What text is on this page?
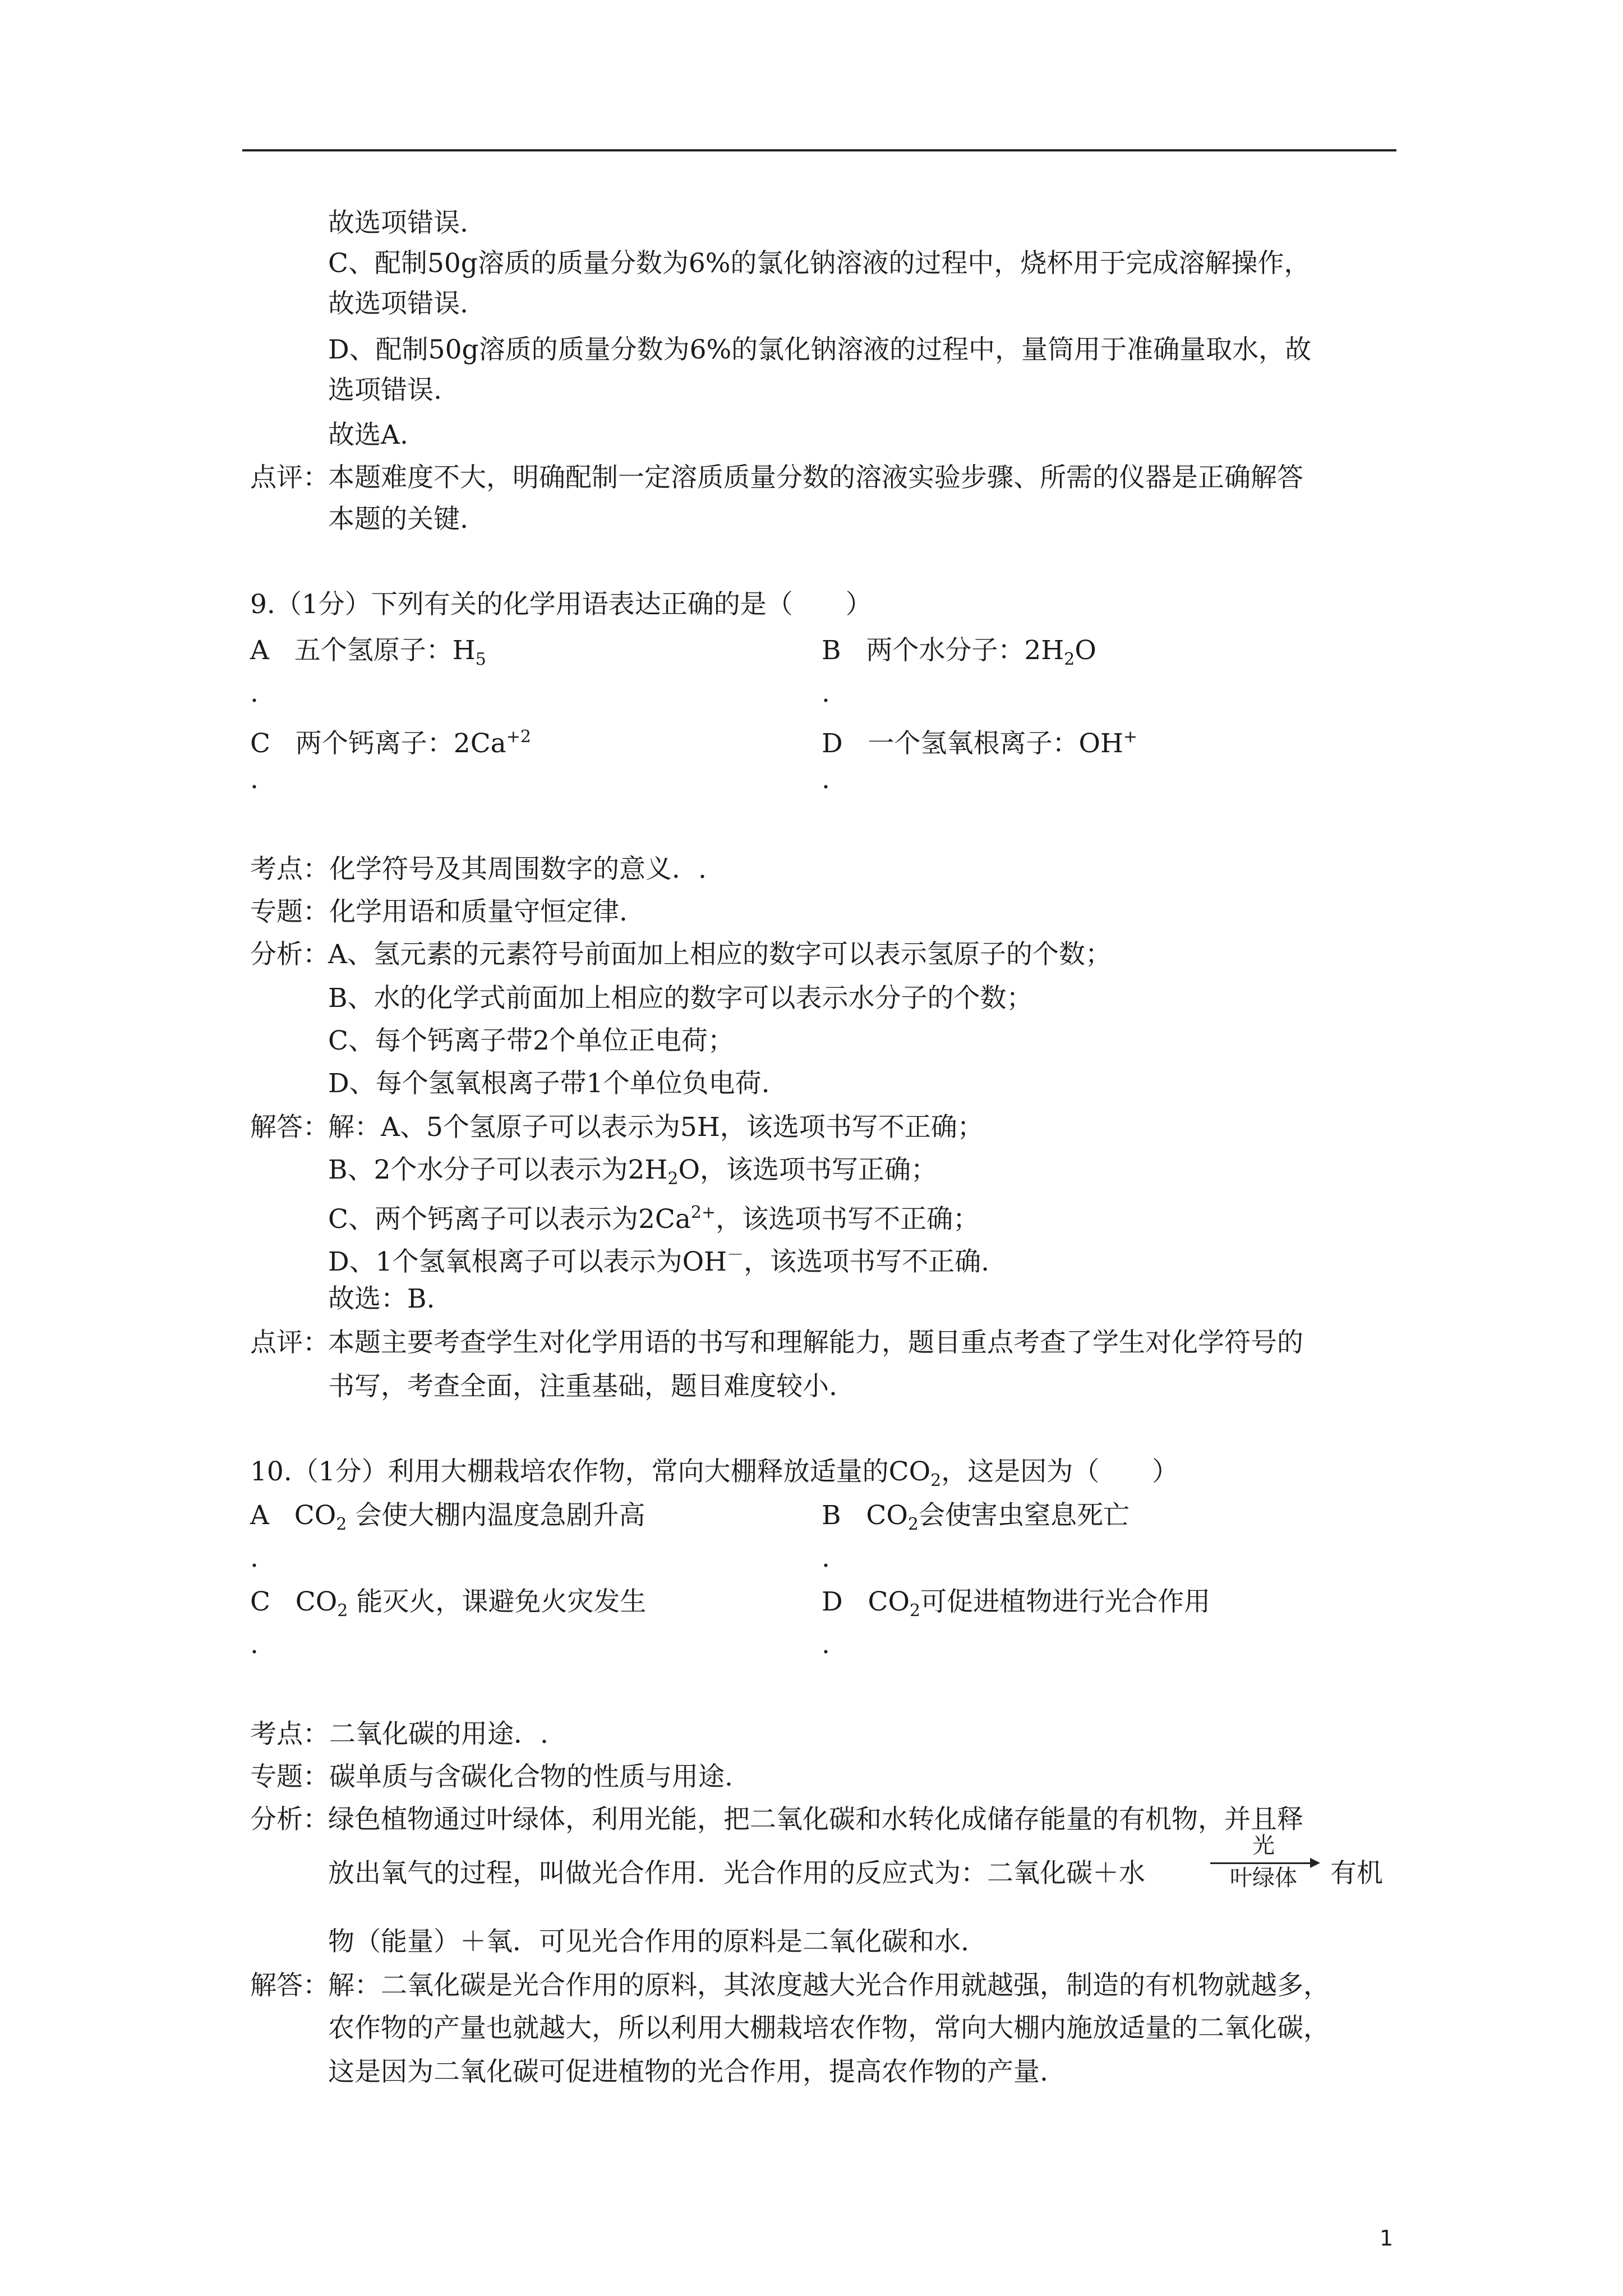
故选项错误.
C、配制50g溶质的质量分数为6%的氯化钠溶液的过程中，烧杯用于完成溶解操作，
故选项错误.
D、配制50g溶质的质量分数为6%的氯化钠溶液的过程中，量筒用于准确量取水，故
选项错误.
故选A.
点评：
本题难度不大，明确配制一定溶质质量分数的溶液实验步骤、所需的仪器是正确解答
本题的关键.
9.（1分）下列有关的化学用语表达正确的是（　　）
A 五个氢原子：$H_5$
.
B 两个水分子：$2H_2O$
.
C 两个钙离子：$2Ca^{+2}$
.
D 一个氢氧根离子：OH+
.
考点：化学符号及其周围数字的意义．.
专题：化学用语和质量守恒定律.
分析：
A、氢元素的元素符号前面加上相应的数字可以表示氢原子的个数；
B、水的化学式前面加上相应的数字可以表示水分子的个数；
C、每个钙离子带2个单位正电荷；
D、每个氢氧根离子带1个单位负电荷.
解答：
解：A、5个氢原子可以表示为5H，该选项书写不正确；
B、2个水分子可以表示为$2H_2O$，该选项书写正确；
C、两个钙离子可以表示为$2Ca^{2+}$，该选项书写不正确；
D、1个氢氧根离子可以表示为OH－，该选项书写不正确.
故选：B.
点评：
本题主要考查学生对化学用语的书写和理解能力，题目重点考查了学生对化学符号的
书写，考查全面，注重基础，题目难度较小.
10.（1分）利用大棚栽培农作物，常向大棚释放适量的$CO_2$，这是因为（　　）
A $CO_2$ 会使大棚内温度急剧升高
.
B $CO_2$会使害虫窒息死亡
.
C $CO_2$ 能灭火，课避免火灾发生
.
D $CO_2$可促进植物进行光合作用
.
考点：二氧化碳的用途．.
专题：碳单质与含碳化合物的性质与用途.
分析：
绿色植物通过叶绿体，利用光能，把二氧化碳和水转化成储存能量的有机物，并且释
放出氧气的过程，叫做光合作用．光合作用的反应式为：二氧化碳＋水
光
叶绿体	有机
物（能量）＋氧．可见光合作用的原料是二氧化碳和水.
解答：
解：二氧化碳是光合作用的原料，其浓度越大光合作用就越强，制造的有机物就越多，
农作物的产量也就越大，所以利用大棚栽培农作物，常向大棚内施放适量的二氧化碳，
这是因为二氧化碳可促进植物的光合作用，提高农作物的产量.
1
